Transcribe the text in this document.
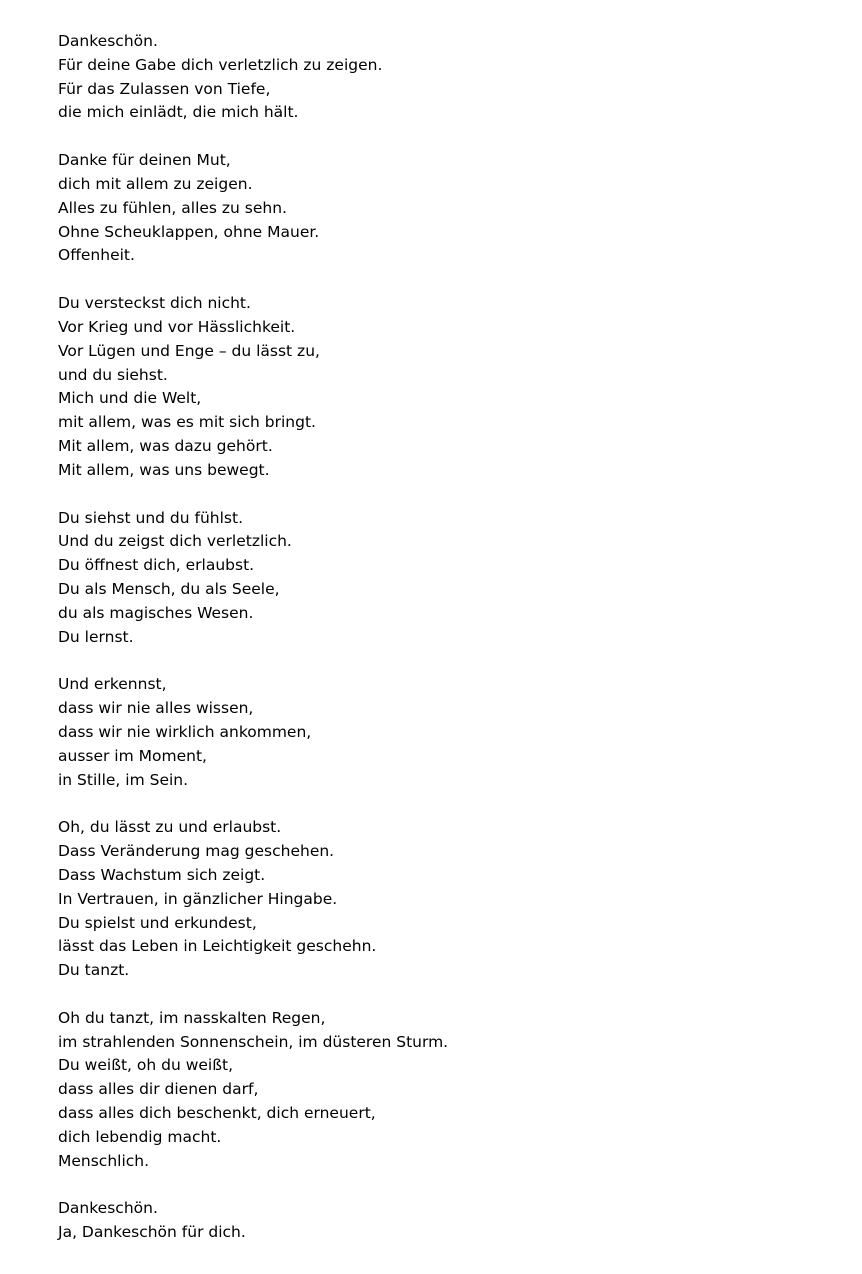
Dankeschön.
Für deine Gabe dich verletzlich zu zeigen.
Für das Zulassen von Tiefe,
die mich einlädt, die mich hält.
Danke für deinen Mut,
dich mit allem zu zeigen.
Alles zu fühlen, alles zu sehn.
Ohne Scheuklappen, ohne Mauer.
Offenheit.
Du versteckst dich nicht.
Vor Krieg und vor Hässlichkeit.
Vor Lügen und Enge – du lässt zu,
und du siehst.
Mich und die Welt,
mit allem, was es mit sich bringt.
Mit allem, was dazu gehört.
Mit allem, was uns bewegt.
Du siehst und du fühlst.
Und du zeigst dich verletzlich.
Du öffnest dich, erlaubst.
Du als Mensch, du als Seele,
du als magisches Wesen.
Du lernst.
Und erkennst,
dass wir nie alles wissen,
dass wir nie wirklich ankommen,
ausser im Moment,
in Stille, im Sein.
Oh, du lässt zu und erlaubst.
Dass Veränderung mag geschehen.
Dass Wachstum sich zeigt.
In Vertrauen, in gänzlicher Hingabe.
Du spielst und erkundest,
lässt das Leben in Leichtigkeit geschehn.
Du tanzt.
Oh du tanzt, im nasskalten Regen,
im strahlenden Sonnenschein, im düsteren Sturm.
Du weißt, oh du weißt,
dass alles dir dienen darf,
dass alles dich beschenkt, dich erneuert,
dich lebendig macht.
Menschlich.
Dankeschön.
Ja, Dankeschön für dich.
